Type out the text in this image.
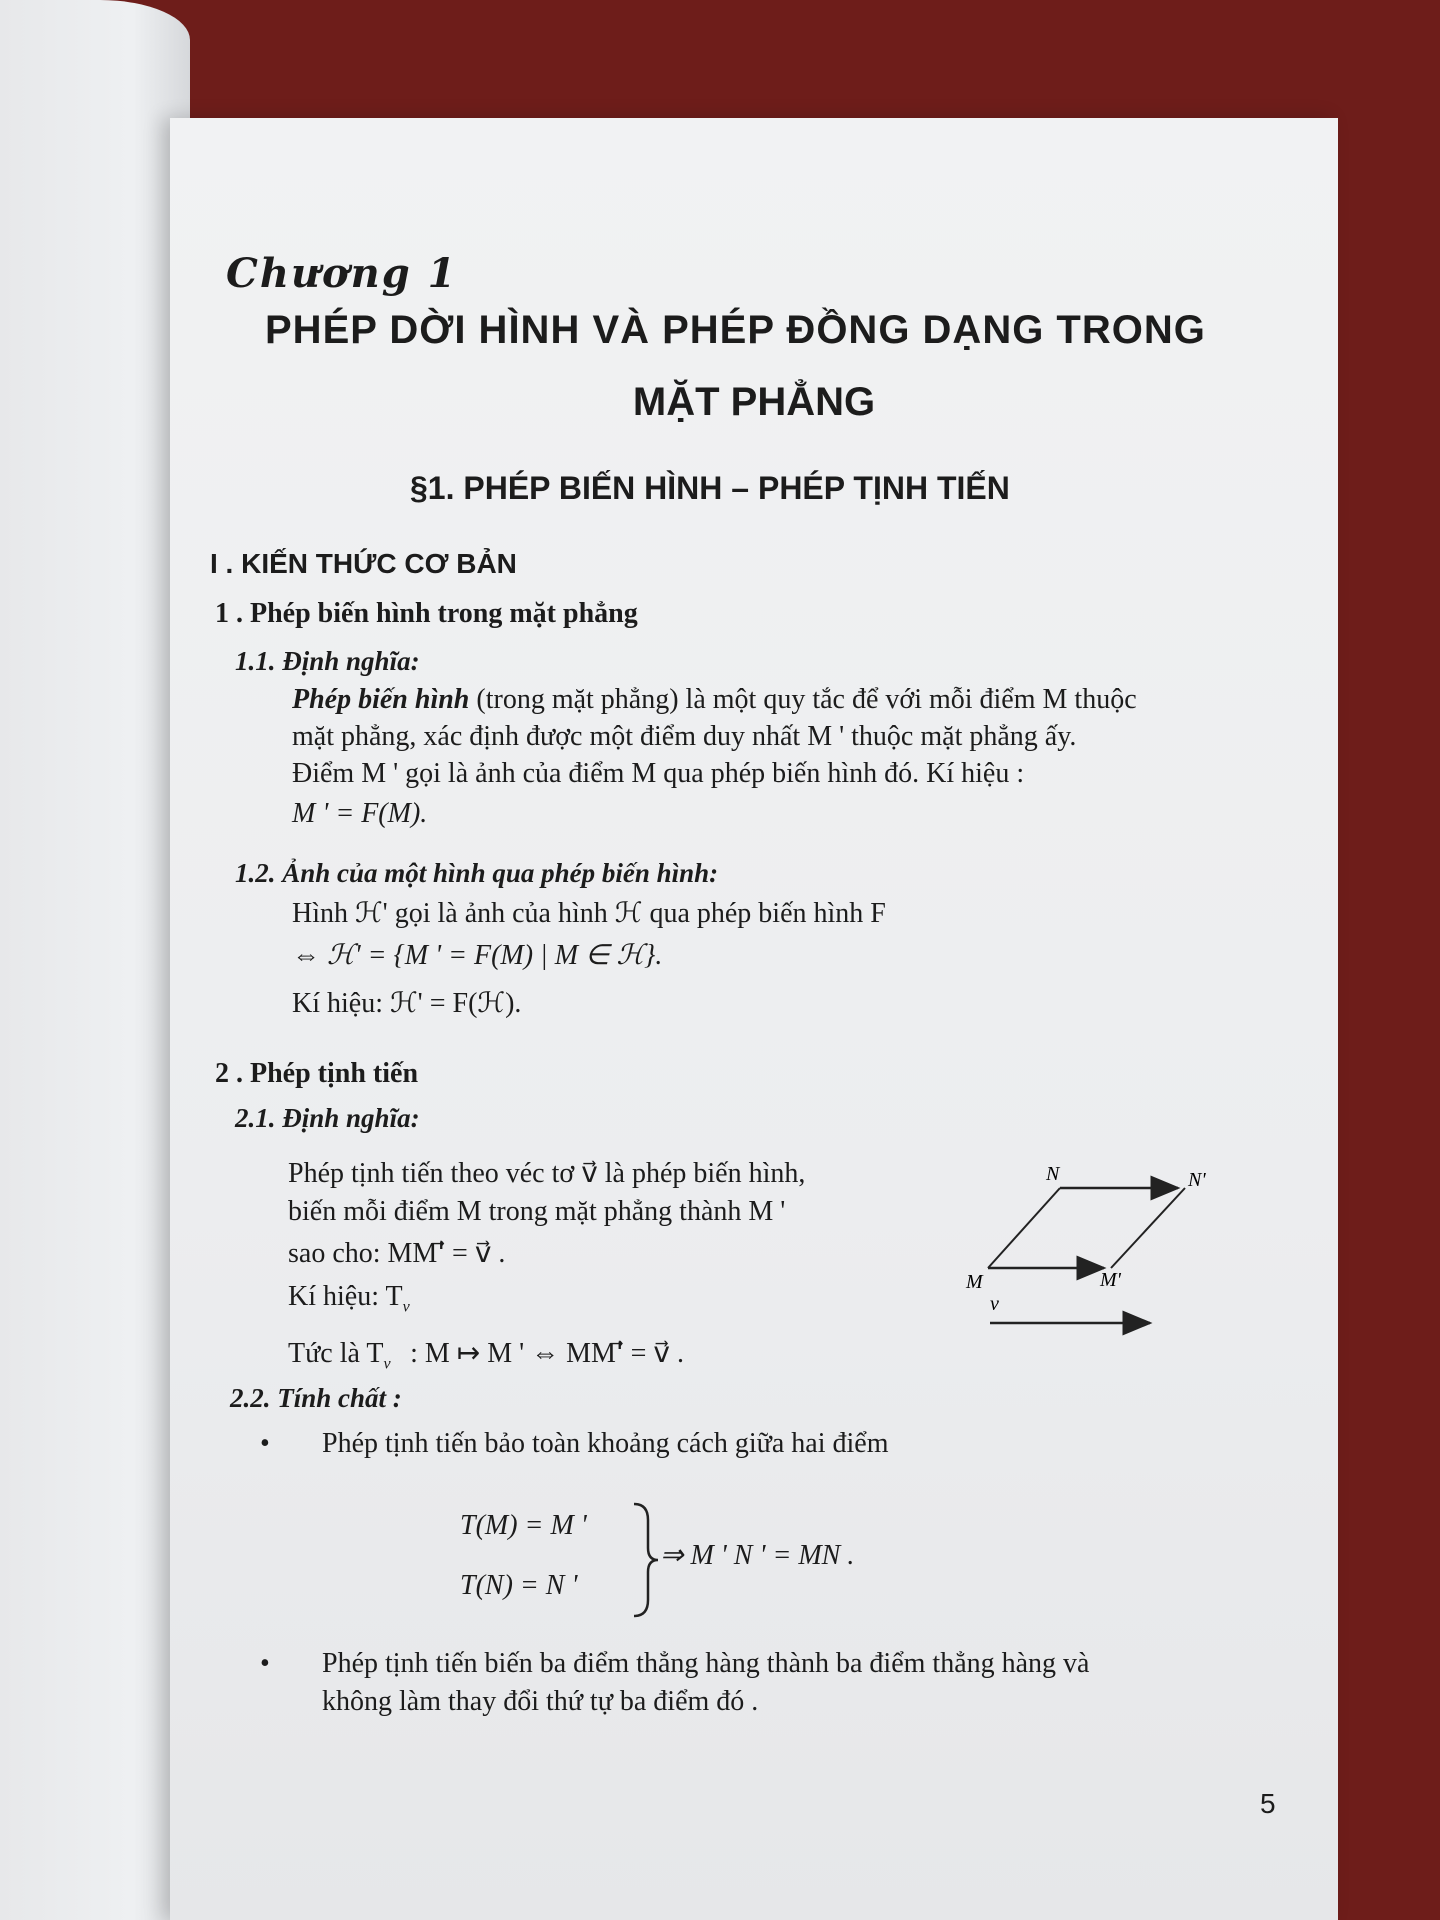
Chương 1
PHÉP DỜI HÌNH VÀ PHÉP ĐỒNG DẠNG TRONG
MẶT PHẲNG
§1. PHÉP BIẾN HÌNH – PHÉP TỊNH TIẾN
I . KIẾN THỨC CƠ BẢN
1 . Phép biến hình trong mặt phẳng
1.1. Định nghĩa:
Phép biến hình (trong mặt phẳng) là một quy tắc để với mỗi điểm M thuộc
mặt phẳng, xác định được một điểm duy nhất M ' thuộc mặt phẳng ấy.
Điểm M ' gọi là ảnh của điểm M qua phép biến hình đó. Kí hiệu :
M ' = F(M).
1.2. Ảnh của một hình qua phép biến hình:
Hình ℋ' gọi là ảnh của hình ℋ qua phép biến hình F
⇔ ℋ' = {M ' = F(M) | M ∈ ℋ}.
Kí hiệu: ℋ' = F(ℋ).
2 . Phép tịnh tiến
2.1. Định nghĩa:
Phép tịnh tiến theo véc tơ v⃗ là phép biến hình,
biến mỗi điểm M trong mặt phẳng thành M '
sao cho: MM'⃗ = v⃗ .
Kí hiệu: $T_{v⃗}$
Tức là $T_{v⃗}$ : M ↦ M ' ⇔ MM'⃗ = v⃗ .
N	N'
M	M'
v⃗
2.2. Tính chất :
• Phép tịnh tiến bảo toàn khoảng cách giữa hai điểm
T(M) = M '
T(N) = N '
⇒ M ' N ' = MN .
• Phép tịnh tiến biến ba điểm thẳng hàng thành ba điểm thẳng hàng và
không làm thay đổi thứ tự ba điểm đó .
5
